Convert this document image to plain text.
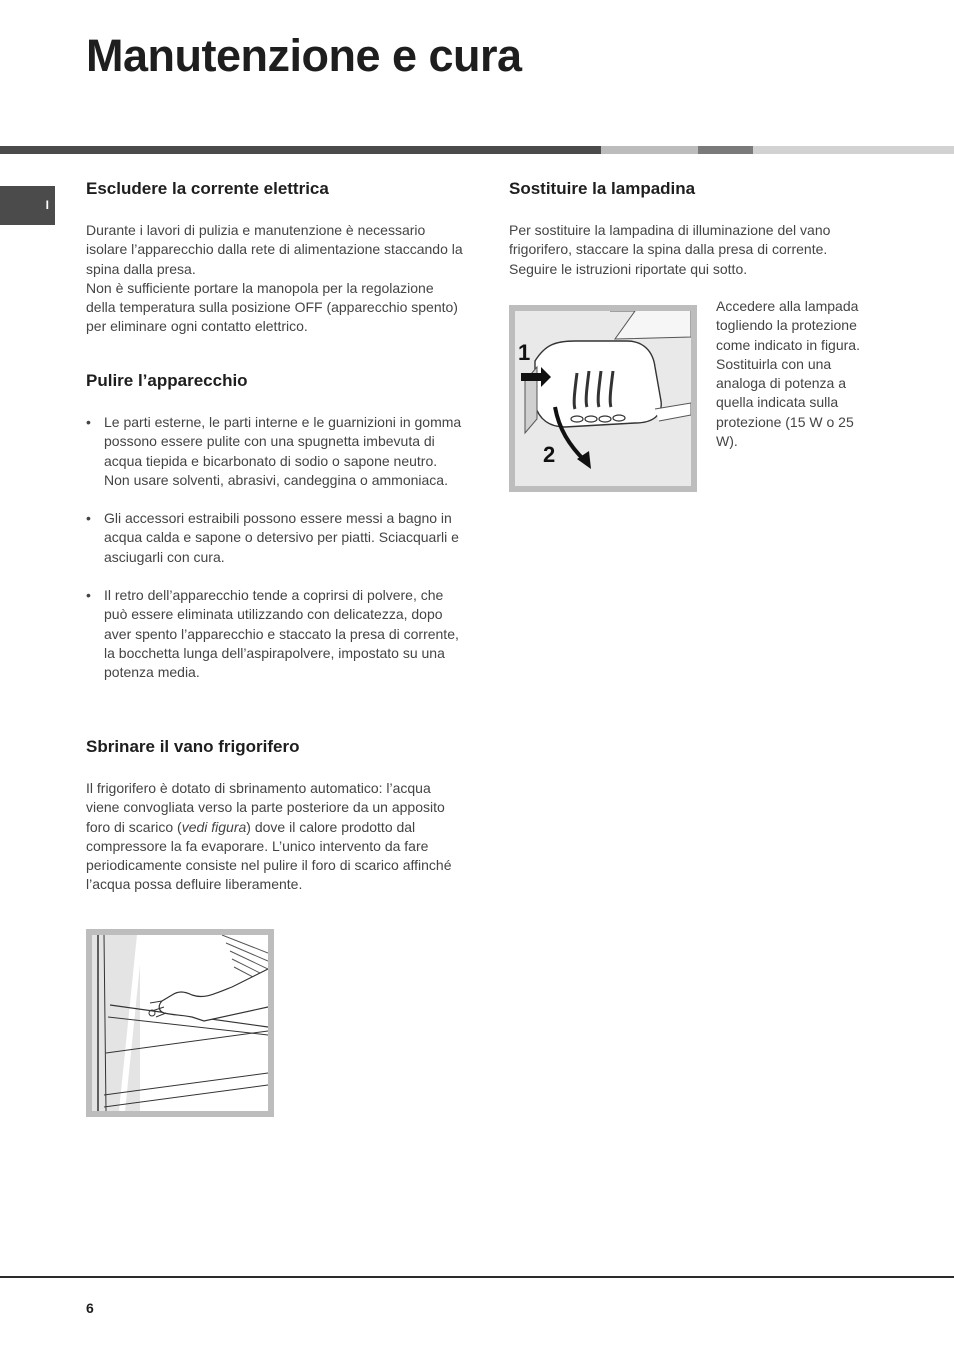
Manutenzione e cura
I
Escludere la corrente elettrica

Durante i lavori di pulizia e manutenzione è necessario isolare l’apparecchio dalla rete di alimentazione staccando la spina dalla presa.

Non è sufficiente portare la manopola per la regolazione della temperatura sulla posizione OFF (apparecchio spento) per eliminare ogni contatto elettrico.

Pulire l’apparecchio
• Le parti esterne, le parti interne e le guarnizioni in gomma possono essere pulite con una spugnetta imbevuta di acqua tiepida e bicarbonato di sodio o sapone neutro. Non usare solventi, abrasivi, candeggina o ammoniaca.
• Gli accessori estraibili possono essere messi a bagno in acqua calda e sapone o detersivo per piatti. Sciacquarli e asciugarli con cura.
• Il retro dell’apparecchio tende a coprirsi di polvere, che può essere eliminata utilizzando con delicatezza, dopo aver spento l’apparecchio e staccato la presa di corrente, la bocchetta lunga dell’aspirapolvere, impostato su una potenza media.
Sbrinare il vano frigorifero

Il frigorifero è dotato di sbrinamento automatico: l’acqua viene convogliata verso la parte posteriore da un apposito foro di scarico (vedi figura) dove il calore prodotto dal compressore la fa evaporare. L’unico intervento da fare periodicamente consiste nel pulire il foro di scarico affinché l’acqua possa defluire liberamente.

Sostituire la lampadina

Per sostituire la lampadina di illuminazione del vano frigorifero, staccare la spina dalla presa di corrente. Seguire le istruzioni riportate qui sotto.

1
2

Accedere alla lampada togliendo la protezione come indicato in figura. Sostituirla con una analoga di potenza a quella indicata sulla protezione (15 W o 25 W).

6
